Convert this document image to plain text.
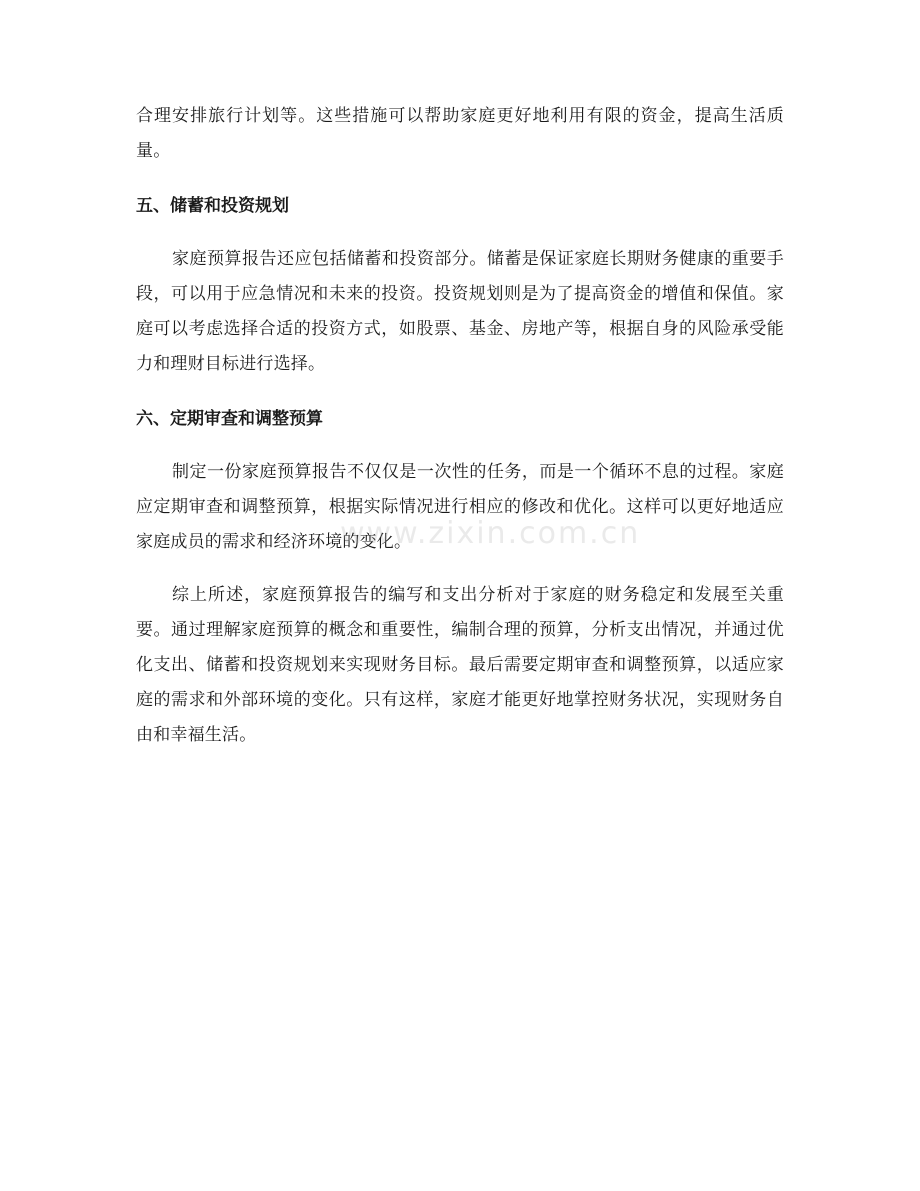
合理安排旅行计划等。这些措施可以帮助家庭更好地利用有限的资金，提高生活质量。

五、储蓄和投资规划

家庭预算报告还应包括储蓄和投资部分。储蓄是保证家庭长期财务健康的重要手段，可以用于应急情况和未来的投资。投资规划则是为了提高资金的增值和保值。家庭可以考虑选择合适的投资方式，如股票、基金、房地产等，根据自身的风险承受能力和理财目标进行选择。

六、定期审查和调整预算

制定一份家庭预算报告不仅仅是一次性的任务，而是一个循环不息的过程。家庭应定期审查和调整预算，根据实际情况进行相应的修改和优化。这样可以更好地适应家庭成员的需求和经济环境的变化。

综上所述，家庭预算报告的编写和支出分析对于家庭的财务稳定和发展至关重要。通过理解家庭预算的概念和重要性，编制合理的预算，分析支出情况，并通过优化支出、储蓄和投资规划来实现财务目标。最后需要定期审查和调整预算，以适应家庭的需求和外部环境的变化。只有这样，家庭才能更好地掌控财务状况，实现财务自由和幸福生活。

www.zixin.com.cn
